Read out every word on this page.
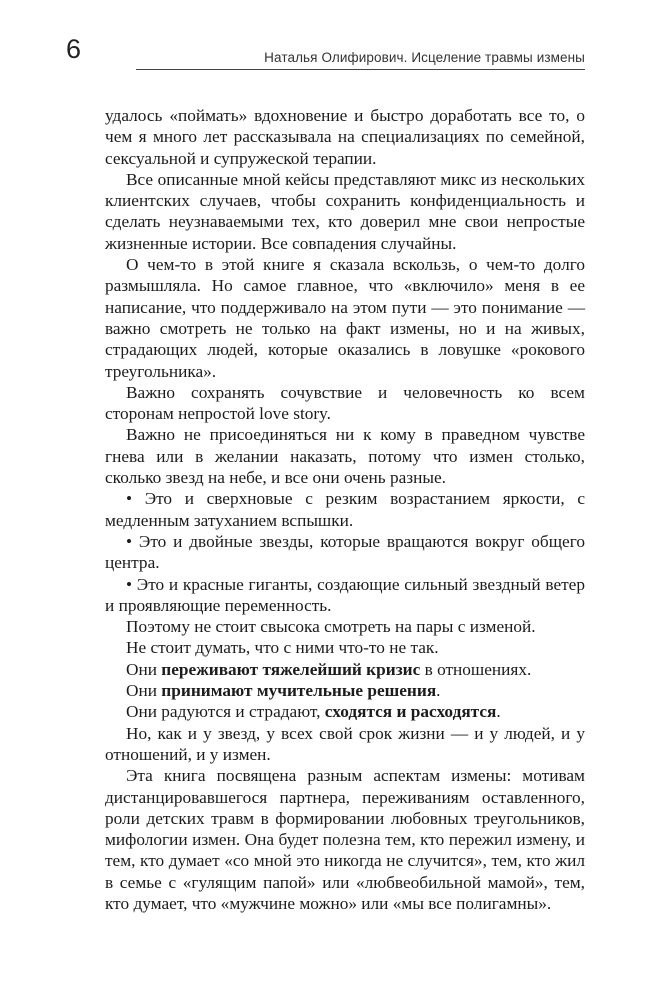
6	Наталья Олифирович. Исцеление травмы измены

удалось «поймать» вдохновение и быстро доработать все то, о чем я много лет рассказывала на специализациях по семейной, сексуальной и супружеской терапии.

Все описанные мной кейсы представляют микс из нескольких клиентских случаев, чтобы сохранить конфиденциальность и сделать неузнаваемыми тех, кто доверил мне свои непростые жизненные истории. Все совпадения случайны.

О чем-то в этой книге я сказала вскользь, о чем-то долго размышляла. Но самое главное, что «включило» меня в ее написание, что поддерживало на этом пути — это понимание — важно смотреть не только на факт измены, но и на живых, страдающих людей, которые оказались в ловушке «рокового треугольника».

Важно сохранять сочувствие и человечность ко всем сторонам непростой love story.

Важно не присоединяться ни к кому в праведном чувстве гнева или в желании наказать, потому что измен столько, сколько звезд на небе, и все они очень разные.

• Это и сверхновые с резким возрастанием яркости, с медленным затуханием вспышки.

• Это и двойные звезды, которые вращаются вокруг общего центра.

• Это и красные гиганты, создающие сильный звездный ветер и проявляющие переменность.

Поэтому не стоит свысока смотреть на пары с изменой.

Не стоит думать, что с ними что-то не так.

Они переживают тяжелейший кризис в отношениях.

Они принимают мучительные решения.

Они радуются и страдают, сходятся и расходятся.

Но, как и у звезд, у всех свой срок жизни — и у людей, и у отношений, и у измен.

Эта книга посвящена разным аспектам измены: мотивам дистанцировавшегося партнера, переживаниям оставленного, роли детских травм в формировании любовных треугольников, мифологии измен. Она будет полезна тем, кто пережил измену, и тем, кто думает «со мной это никогда не случится», тем, кто жил в семье с «гулящим папой» или «любвеобильной мамой», тем, кто думает, что «мужчине можно» или «мы все полигамны».
